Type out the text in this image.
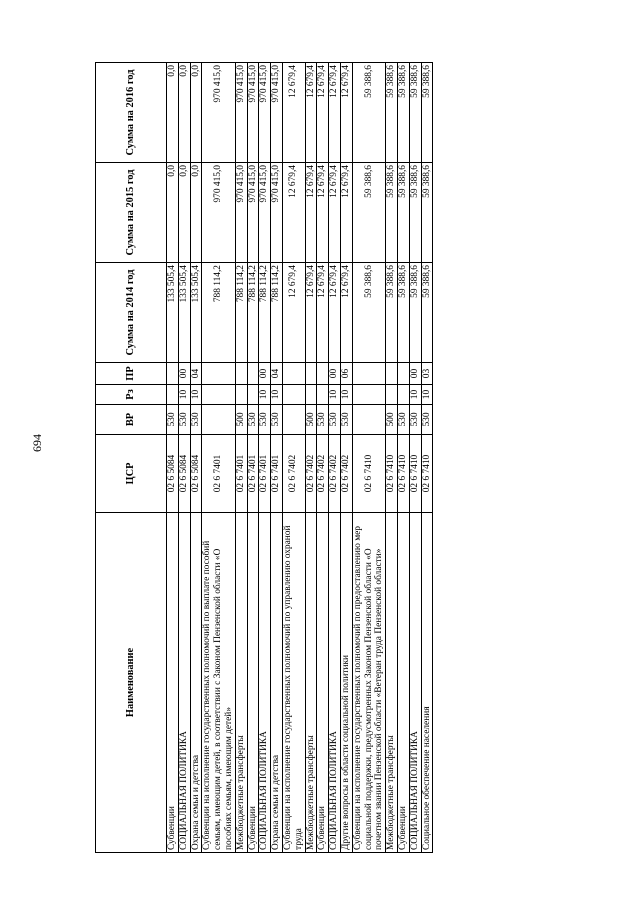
694
Наименование	ЦСР	ВР	Рз	ПР	Сумма на 2014 год	Сумма на 2015 год	Сумма на 2016 год
Субвенции	02 6 5084	530			133 505,4	0,0	0,0
СОЦИАЛЬНАЯ ПОЛИТИКА	02 6 5084	530	10	00	133 505,4	0,0	0,0
Охрана семьи и детства	02 6 5084	530	10	04	133 505,4	0,0	0,0
Субвенции на исполнение государственных полномочий по выплате пособий семьям, имеющим детей, в соответствии с Законом Пензенской области «О пособиях семьям, имеющим детей»	02 6 7401				788 114,2	970 415,0	970 415,0
Межбюджетные трансферты	02 6 7401	500			788 114,2	970 415,0	970 415,0
Субвенции	02 6 7401	530			788 114,2	970 415,0	970 415,0
СОЦИАЛЬНАЯ ПОЛИТИКА	02 6 7401	530	10	00	788 114,2	970 415,0	970 415,0
Охрана семьи и детства	02 6 7401	530	10	04	788 114,2	970 415,0	970 415,0
Субвенции на исполнение государственных полномочий по управлению охраной труда	02 6 7402				12 679,4	12 679,4	12 679,4
Межбюджетные трансферты	02 6 7402	500			12 679,4	12 679,4	12 679,4
Субвенции	02 6 7402	530			12 679,4	12 679,4	12 679,4
СОЦИАЛЬНАЯ ПОЛИТИКА	02 6 7402	530	10	00	12 679,4	12 679,4	12 679,4
Другие вопросы в области социальной политики	02 6 7402	530	10	06	12 679,4	12 679,4	12 679,4
Субвенции на исполнение государственных полномочий по предоставлению мер социальной поддержки, предусмотренных Законом Пензенской области «О почетном звании Пензенской области «Ветеран труда Пензенской области»	02 6 7410				59 388,6	59 388,6	59 388,6
Межбюджетные трансферты	02 6 7410	500			59 388,6	59 388,6	59 388,6
Субвенции	02 6 7410	530			59 388,6	59 388,6	59 388,6
СОЦИАЛЬНАЯ ПОЛИТИКА	02 6 7410	530	10	00	59 388,6	59 388,6	59 388,6
Социальное обеспечение населения	02 6 7410	530	10	03	59 388,6	59 388,6	59 388,6
